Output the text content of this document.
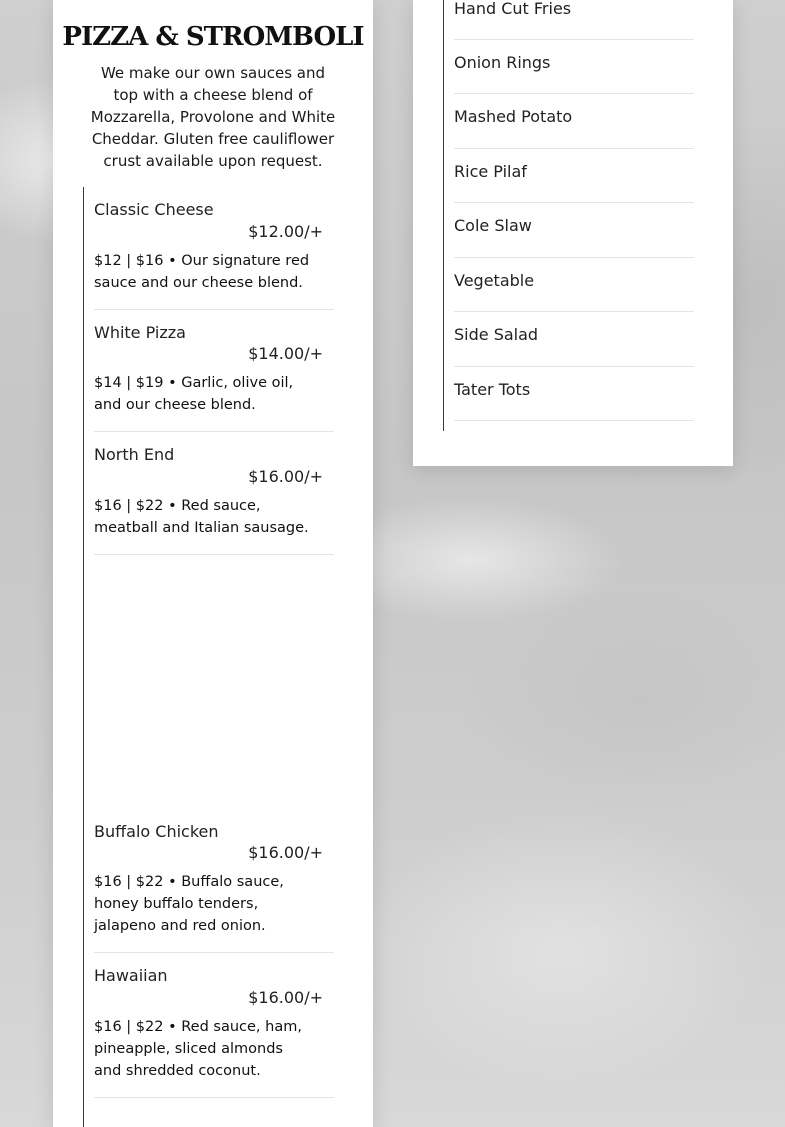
PIZZA & STROMBOLI

We make our own sauces and top with a cheese blend of Mozzarella, Provolone and White Cheddar. Gluten free cauliflower crust available upon request.

Classic Cheese
$12.00/+
$12 | $16 • Our signature red sauce and our cheese blend.
White Pizza
$14.00/+
$14 | $19 • Garlic, olive oil, and our cheese blend.
North End
$16.00/+
$16 | $22 • Red sauce, meatball and Italian sausage.
Buffalo Chicken
$16.00/+
$16 | $22 • Buffalo sauce, honey buffalo tenders, jalapeno and red onion.
Hawaiian
$16.00/+
$16 | $22 • Red sauce, ham, pineapple, sliced almonds and shredded coconut.
Hand Cut Fries
Onion Rings
Mashed Potato
Rice Pilaf
Cole Slaw
Vegetable
Side Salad
Tater Tots
